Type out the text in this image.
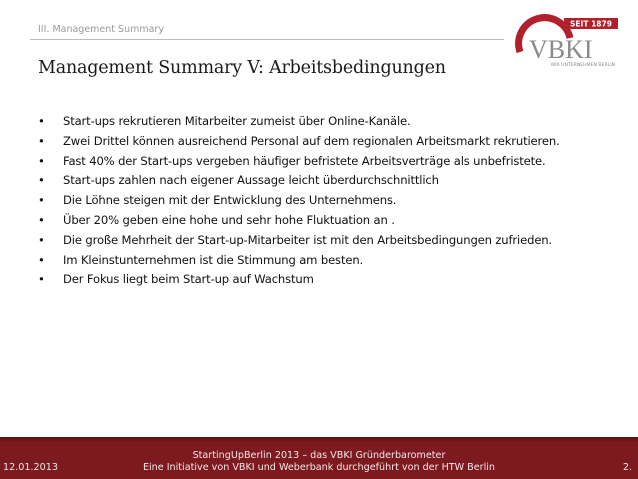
III. Management Summary	SEIT 1879
VBKI
WIR UNTERNEHMEN BERLIN
Management Summary V: Arbeitsbedingungen
• Start-ups rekrutieren Mitarbeiter zumeist über Online-Kanäle.
• Zwei Drittel können ausreichend Personal auf dem regionalen Arbeitsmarkt rekrutieren.
• Fast 40% der Start-ups vergeben häufiger befristete Arbeitsverträge als unbefristete.
• Start-ups zahlen nach eigener Aussage leicht überdurchschnittlich
• Die Löhne steigen mit der Entwicklung des Unternehmens.
• Über 20% geben eine hohe und sehr hohe Fluktuation an .
• Die große Mehrheit der Start-up-Mitarbeiter ist mit den Arbeitsbedingungen zufrieden.
• Im Kleinstunternehmen ist die Stimmung am besten.
• Der Fokus liegt beim Start-up auf Wachstum
StartingUpBerlin 2013 – das VBKI Gründerbarometer
Eine Initiative von VBKI und Weberbank durchgeführt von der HTW Berlin
12.01.2013	2.
